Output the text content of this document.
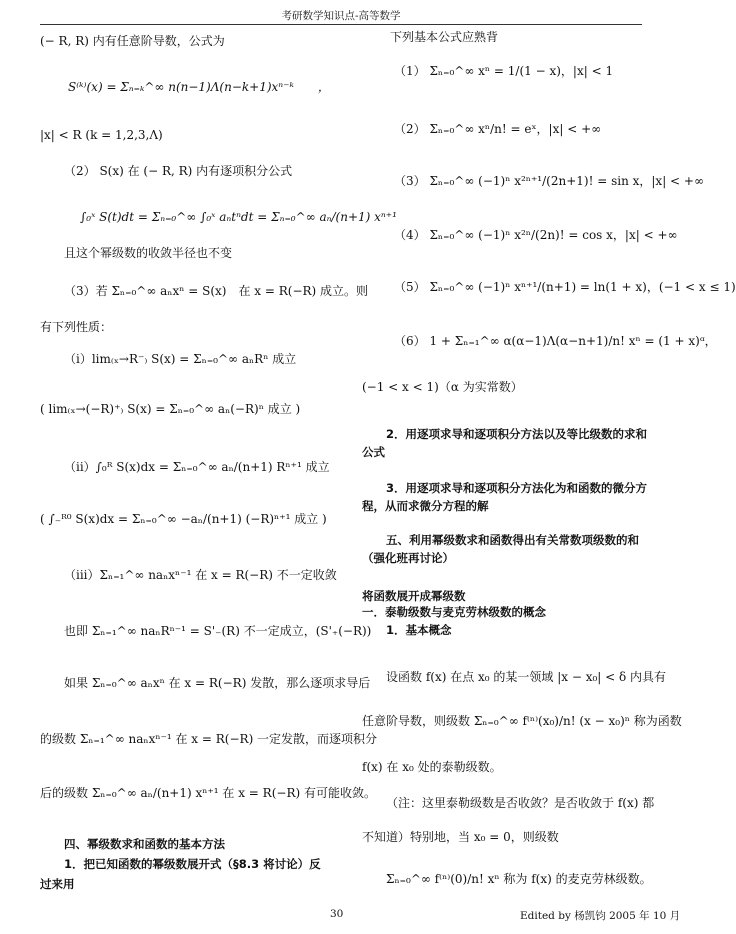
考研数学知识点-高等数学
(− R, R) 内有任意阶导数，公式为
S⁽ᵏ⁾(x) = Σₙ₌ₖ^∞ n(n−1)Λ(n−k+1)xⁿ⁻ᵏ　　，
|x| < R (k = 1,2,3,Λ)
（2） S(x) 在 (− R, R) 内有逐项积分公式
∫₀ˣ S(t)dt = Σₙ₌₀^∞ ∫₀ˣ aₙtⁿdt = Σₙ₌₀^∞ aₙ/(n+1) xⁿ⁺¹
且这个幂级数的收敛半径也不变
（3）若 Σₙ₌₀^∞ aₙxⁿ = S(x)　在 x = R(−R) 成立。则
有下列性质：
（i）lim₍ₓ→R⁻₎ S(x) = Σₙ₌₀^∞ aₙRⁿ 成立
( lim₍ₓ→(−R)⁺₎ S(x) = Σₙ₌₀^∞ aₙ(−R)ⁿ 成立 )
（ii）∫₀ᴿ S(x)dx = Σₙ₌₀^∞ aₙ/(n+1) Rⁿ⁺¹ 成立
( ∫₋ᴿ⁰ S(x)dx = Σₙ₌₀^∞ −aₙ/(n+1) (−R)ⁿ⁺¹ 成立 )
（iii）Σₙ₌₁^∞ naₙxⁿ⁻¹ 在 x = R(−R) 不一定收敛
也即 Σₙ₌₁^∞ naₙRⁿ⁻¹ = S'₋(R) 不一定成立，(S'₊(−R))
如果 Σₙ₌₀^∞ aₙxⁿ 在 x = R(−R) 发散，那么逐项求导后
的级数 Σₙ₌₁^∞ naₙxⁿ⁻¹ 在 x = R(−R) 一定发散，而逐项积分
后的级数 Σₙ₌₀^∞ aₙ/(n+1) xⁿ⁺¹ 在 x = R(−R) 有可能收敛。
四、幂级数求和函数的基本方法
1．把已知函数的幂级数展开式（§8.3 将讨论）反
过来用
下列基本公式应熟背
（1） Σₙ₌₀^∞ xⁿ = 1/(1 − x)，|x| < 1
（2） Σₙ₌₀^∞ xⁿ/n! = eˣ，|x| < +∞
（3） Σₙ₌₀^∞ (−1)ⁿ x²ⁿ⁺¹/(2n+1)! = sin x，|x| < +∞
（4） Σₙ₌₀^∞ (−1)ⁿ x²ⁿ/(2n)! = cos x，|x| < +∞
（5） Σₙ₌₀^∞ (−1)ⁿ xⁿ⁺¹/(n+1) = ln(1 + x)，(−1 < x ≤ 1)
（6） 1 + Σₙ₌₁^∞ α(α−1)Λ(α−n+1)/n! xⁿ = (1 + x)ᵅ，
(−1 < x < 1)（α 为实常数）
2．用逐项求导和逐项积分方法以及等比级数的求和
公式
3．用逐项求导和逐项积分方法化为和函数的微分方
程，从而求微分方程的解
五、利用幂级数求和函数得出有关常数项级数的和
（强化班再讨论）
将函数展开成幂级数
一．泰勒级数与麦克劳林级数的概念
1．基本概念
设函数 f(x) 在点 x₀ 的某一领域 |x − x₀| < δ 内具有
任意阶导数，则级数 Σₙ₌₀^∞ f⁽ⁿ⁾(x₀)/n! (x − x₀)ⁿ 称为函数
f(x) 在 x₀ 处的泰勒级数。
（注：这里泰勒级数是否收敛？是否收敛于 f(x) 都
不知道）特别地，当 x₀ = 0，则级数
Σₙ₌₀^∞ f⁽ⁿ⁾(0)/n! xⁿ 称为 f(x) 的麦克劳林级数。
30	Edited by 杨凯钧 2005 年 10 月
